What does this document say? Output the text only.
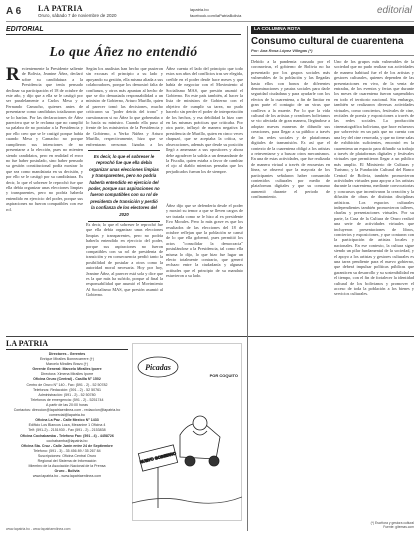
A 6 LA PATRIA
Oruro, sábado 7 de noviembre de 2020
lapatria.bo
facebook.com/laPatriaBolivia	editorial
EDITORIAL
Lo que Áñez no entendió
Recientemente la Presidente saliente de Bolivia, Jeanine Áñez, declaró sobre su candidatura a la Presidencia que tenía pensado declinar su participación el 18 de octubre de este año, y dijo que a ella se le castigó por ser paralelamente a Carlos Mesa y a Fernando Camacho, quienes antes de presentarse como candidatos totalizaron que se lo harían. Por las declaraciones de Áñez pareciera que se le reclama que no cumplió su palabra de no postular a la Presidencia y por ello creo que se le castigó porque había cuando Mesa y Camacho no porque cumplieron sus intenciones de no presentarse a la elección, pues no mienten siendo candidatos, pero en realidad el error no fue haber postulado, sino haber pensado su gestión constitucional podía mostrar lo que sea como mandataria en su decisión, y por ello se le castigó por su candidatura. Es decir, lo que el sobreser le reprochó fue que ella debía organizar unas elecciones limpias y transparentes, pero no podría haberla entendido en ejercicio del poder, porque sus aspiraciones no fueron compatibles con ese rol.
Según los analistas han hecho que pusieron sin excusas el principio a su lado y apoyando su gestión, ella misma aliada a sus colaboradores, porque los demostró falta de confianza, y otros más apuntan al hecho de que se dio demasiada responsabilidad a un ministro de Gobierno, Arturo Murillo, quien al parecer tomó las decisiones, mucho criticaron su "poder detrás del trono" y cuestionaron si no Áñez lo que gobernaba o lo hacía su ministro. Cuando ella puso al frente de los ministerios de la Presidencia y de Gobierno, a Yerko Núñez y Arturo Murillo, respectivamente, hizo que se enfrentaran personas ligadas a los
Es decir, lo que el sobreser le reprochó fue que ella debía organizar unas elecciones limpias y transparentes, pero no podría haberla entendido en ejercicio del poder, porque sus aspiraciones no fueron compatibles con su rol de presidenta de transición y perdió la confianza de los electores del 2020
Es decir, lo que el sobreser le reprochó fue que ella debía organizar unas elecciones limpias y transparentes, pero no podría haberla entendido en ejercicio del poder, porque sus aspiraciones no fueron compatibles con su rol de presidenta de transición y en consecuencia perdió tanto la posibilidad de postular a otros como la autoridad moral necesaria. Hoy por hoy, Jeanine Áñez, al parecer está sola y dice que es la que más ha sufrido, porque al final la responsabilidad que asumió el Movimiento Al Socialismo MAS, que presión asumió al Gobierno.
Áñez cuenta el lado del principio que todo estos son años del conflictos tras ser elegida, creíble en el poder desde hace meses y que había de negociar con el Movimiento al Socialismo MAS, que presión asumió el Gobierno. En este país también, al hacer la lista de ministros de Gobierno con el objetivo de cumplir su tarea, no pudo hacerlo sin perder el poder de interpretación de los hechos, y esa debilidad la hizo caer en las mismas prácticas que criticaba. Por otra parte, influyó de manera negativa la presidencia de Murillo, quien en cinco veces chapuzó, que se aceptaba la crítica, se obsecaciones, además que desde su posición llegó a amenazar a sus opositores y ahora debe agradecer la salida a un demandante de la Fiscalía, quien estaba a favor de cambiar el ojo al diablo mientras pensaba que los perjudicados fueran los de siempre.
Áñez dijo que se defendería desde el poder y mostró su temor a que se lleven cargos de ser tratada como se le hizo al ex presidente Evo Morales. Pero lo más grave es que los resultados de las elecciones del 18 de octubre reflejan que la población se cansó de lo que ella gobernó, pues permitió los actos "consolidar la democracia" postulándose a la Presidencia, tal como ella misma lo dijo, lo que hizo fue lugar un electo totalmente contrario, que generó rechazo entre la ciudadanía y algunas actitudes que el principio de su mandato estuvieron a su lado.
LA PATRIA
Directores - Gerentes
Enrique Miralles Bonnecarrere (†)
Marcelo Miralles Bravo (†)
Gerente General: Marcelo Miralles Iporre
Directora: Ximena Miralles Iporre
Oficina Oruro (Central) - Casilla N° 1502
Centro de Oruro N° 140 - Fax: (591 - 2) - 52 50782
Telefonos: Redacción: (591 - 2) - 52 50761
Administración: (591 - 2) - 52 50780
Telefonos de emergencia: (591 - 2) - 5251744
A partir de las 20:00 horas
Contactos: direccion@lapatriaenlinea.com - redaccion@lapatria.bo
comercial@lapatria.bo
Oficina La Paz - Calle Mexico N° 1433
Edificio Los Blancos Loza, Mezanine 1 Oficina 4
Telf: (591-2) - 2151930 - Fax (591 - 2) - 2153838
Oficina Cochabamba - Telefono Fax: (591 - 4) - 4458726
cochabamba@lapatria.bo
Oficina Sta. Cruz - Calle Junín entre 24 de Septiembre
Telefono: (591 - 3) - 35 456 89 / 35 267 84
Suscripciones: Oficina Central Oruro
Regional del Sistema de Información
Miembro de la Asociación Nacional de la Prensa
Oruro - Bolivia
www.lapatria.bo - www.lapatriaenlinea.com
Picadas
POR COQUITO
NUEVO GOBIERNO
LA COLUMNA ROTA
Consumo cultural de cuarentena
Por: Ana Rosa López Villegas (*)
Debido a la pandemia causada por el coronavirus, el gobierno de Bolivia no ha presentado por los grupos sociales más vulnerables de la población y las llegadas hasta ellos con bonos de diferentes denominaciones y pautas sociales para darle seguridad ciudadana y para ayudarle con los efectos de la cuarentena, a fin de limitar en gran parte el contagio de un virus que conlleva a la muerte. Por lo que la vida cultural de los artistas y creadores bolivianos se vio afectada de gran manera, llegándose a adoptar nuevas maneras de difundir sus creaciones, para llegar a su público a través de las redes sociales y de plataformas digitales de transmisión. Es así que el contexto de la cuarentena obligó a los artistas a reinventarse y a buscar otros mecanismos. En una de estas actividades, que fue realizada de manera virtual a través de encuestas en línea, se observó que la mayoría de los participantes señalaron haber consumido contenidos culturales por medio de plataformas digitales y que su consumo aumentó durante el periodo de confinamiento.
Uno de los grupos más vulnerables de la sociedad que no pudo realizar sus actividades de manera habitual fue el de los artistas y gestores culturales, quienes dependen de las presentaciones en vivo, de la venta de entradas, de los eventos y ferias que durante los meses de cuarentena fueron suspendidos en todo el territorio nacional. Sin embargo, también se realizaron diversas actividades virtuales, como conciertos, festivales de cine, recitales de poesía y exposiciones a través de las redes sociales. La producción cinematográfica boliviana, que hace esfuerzos por sobrevivir en un país que no cuenta con una ley del cine renovada, y que no tiene salas de exhibición suficientes, encontró en la cuarentena un espacio para difundir su trabajo a través de plataformas digitales y festivales virtuales que permitieron llegar a un público más amplio. El Ministerio de Culturas y Turismo, y la Fundación Cultural del Banco Central de Bolivia, también promovieron actividades virtuales para apoyar a los artistas durante la cuarentena, mediante convocatorias y concursos que incentivaron la creación y la difusión de obras de distintas disciplinas artísticas. Los espacios culturales independientes también promovieron talleres, charlas y presentaciones virtuales. Por su parte, la Casa de la Cultura de Oruro realizó una serie de actividades virtuales que incluyeron presentaciones de libros, conciertos y exposiciones, y que contaron con la participación de artistas locales y nacionales. En ese contexto, la cultura sigue siendo un pilar fundamental de la sociedad, y el apoyo a los artistas y gestores culturales es una tarea pendiente para el nuevo gobierno, que deberá impulsar políticas públicas que garanticen su desarrollo y su sostenibilidad en el tiempo, con el fin de fortalecer la identidad cultural de los bolivianos y promover el acceso de toda la población a los bienes y servicios culturales.
(*) Escritora y gestora cultural
Fuente: gitemas.com
www.lapatria.bo - www.lapatriaenlinea.com
